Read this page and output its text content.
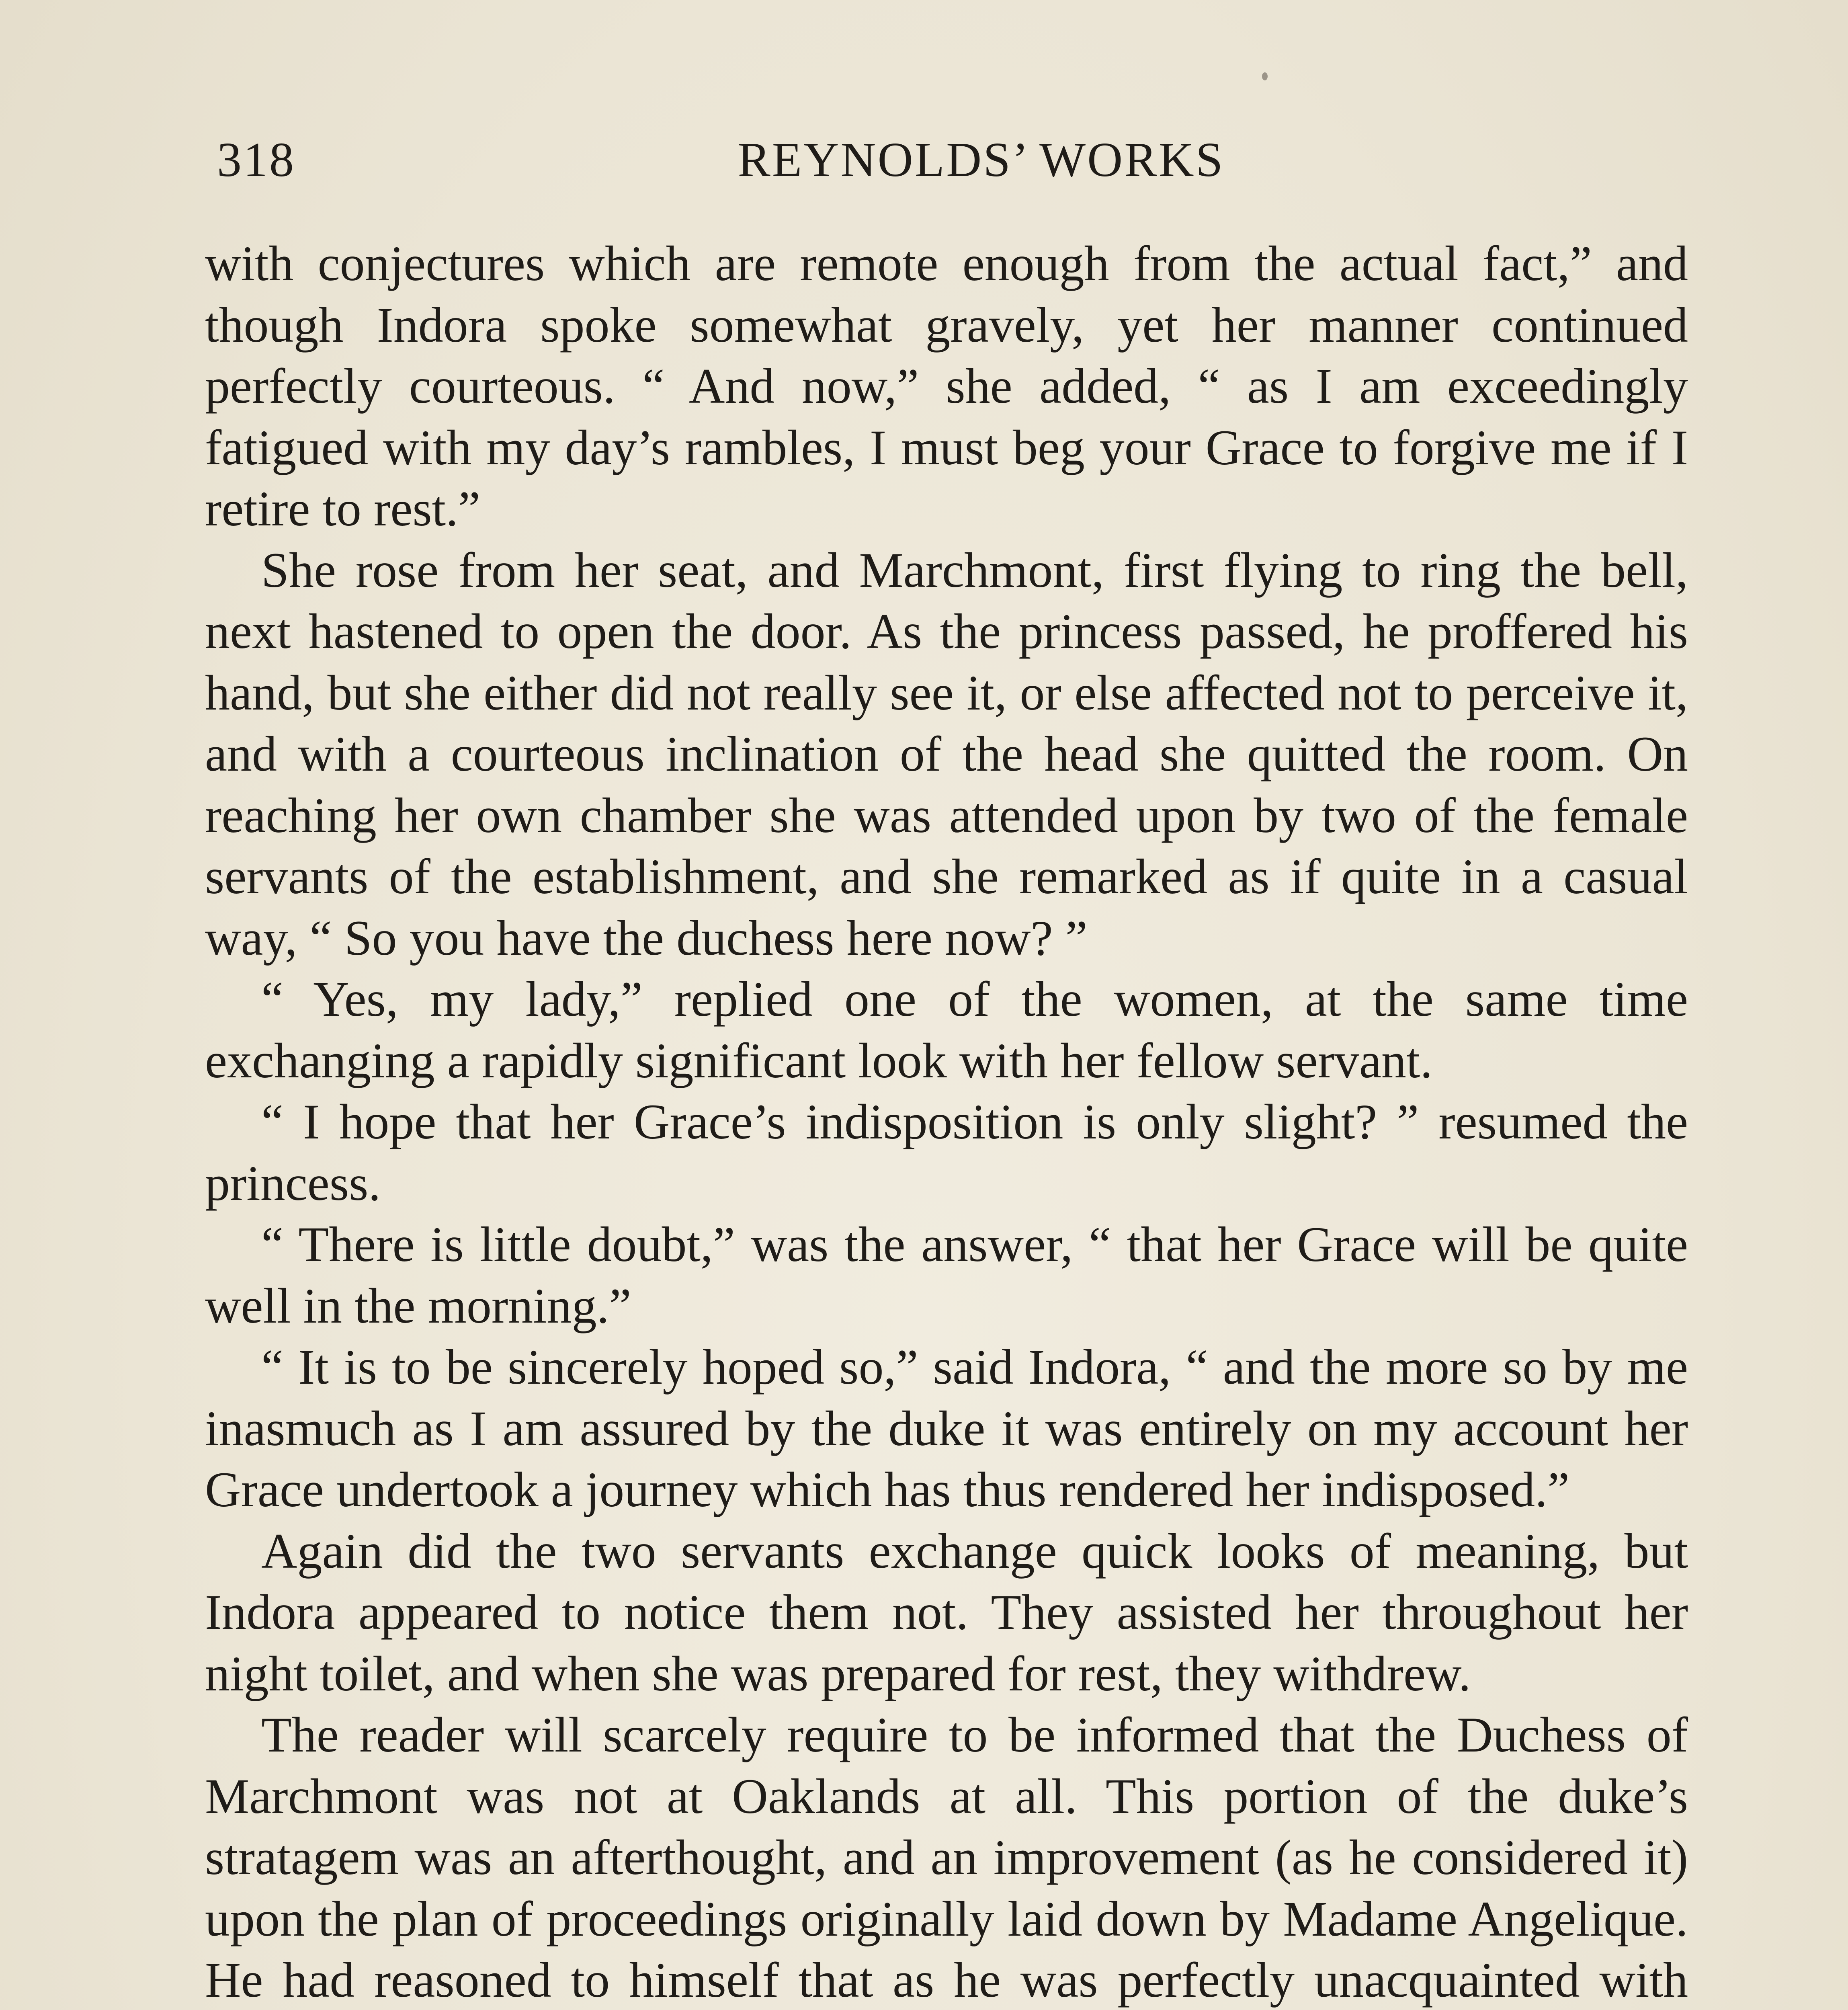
318	REYNOLDS’ WORKS

with conjectures which are remote enough from the actual fact,” and though Indora spoke somewhat gravely, yet her manner continued perfectly courteous. “ And now,” she added, “ as I am exceedingly fatigued with my day’s rambles, I must beg your Grace to forgive me if I retire to rest.”

She rose from her seat, and Marchmont, first flying to ring the bell, next hastened to open the door. As the princess passed, he proffered his hand, but she either did not really see it, or else affected not to perceive it, and with a courteous inclination of the head she quitted the room. On reaching her own chamber she was attended upon by two of the female servants of the establishment, and she remarked as if quite in a casual way, “ So you have the duchess here now? ”

“ Yes, my lady,” replied one of the women, at the same time exchanging a rapidly significant look with her fellow servant.

“ I hope that her Grace’s indisposition is only slight? ” resumed the princess.

“ There is little doubt,” was the answer, “ that her Grace will be quite well in the morning.”

“ It is to be sincerely hoped so,” said Indora, “ and the more so by me inasmuch as I am assured by the duke it was entirely on my account her Grace undertook a journey which has thus rendered her indisposed.”

Again did the two servants exchange quick looks of meaning, but Indora appeared to notice them not. They assisted her throughout her night toilet, and when she was prepared for rest, they withdrew.

The reader will scarcely require to be informed that the Duchess of Marchmont was not at Oaklands at all. This portion of the duke’s stratagem was an afterthought, and an improvement (as he considered it) upon the plan of proceedings originally laid down by Madame Angelique. He had reasoned to himself that as he was perfectly unacquainted with
